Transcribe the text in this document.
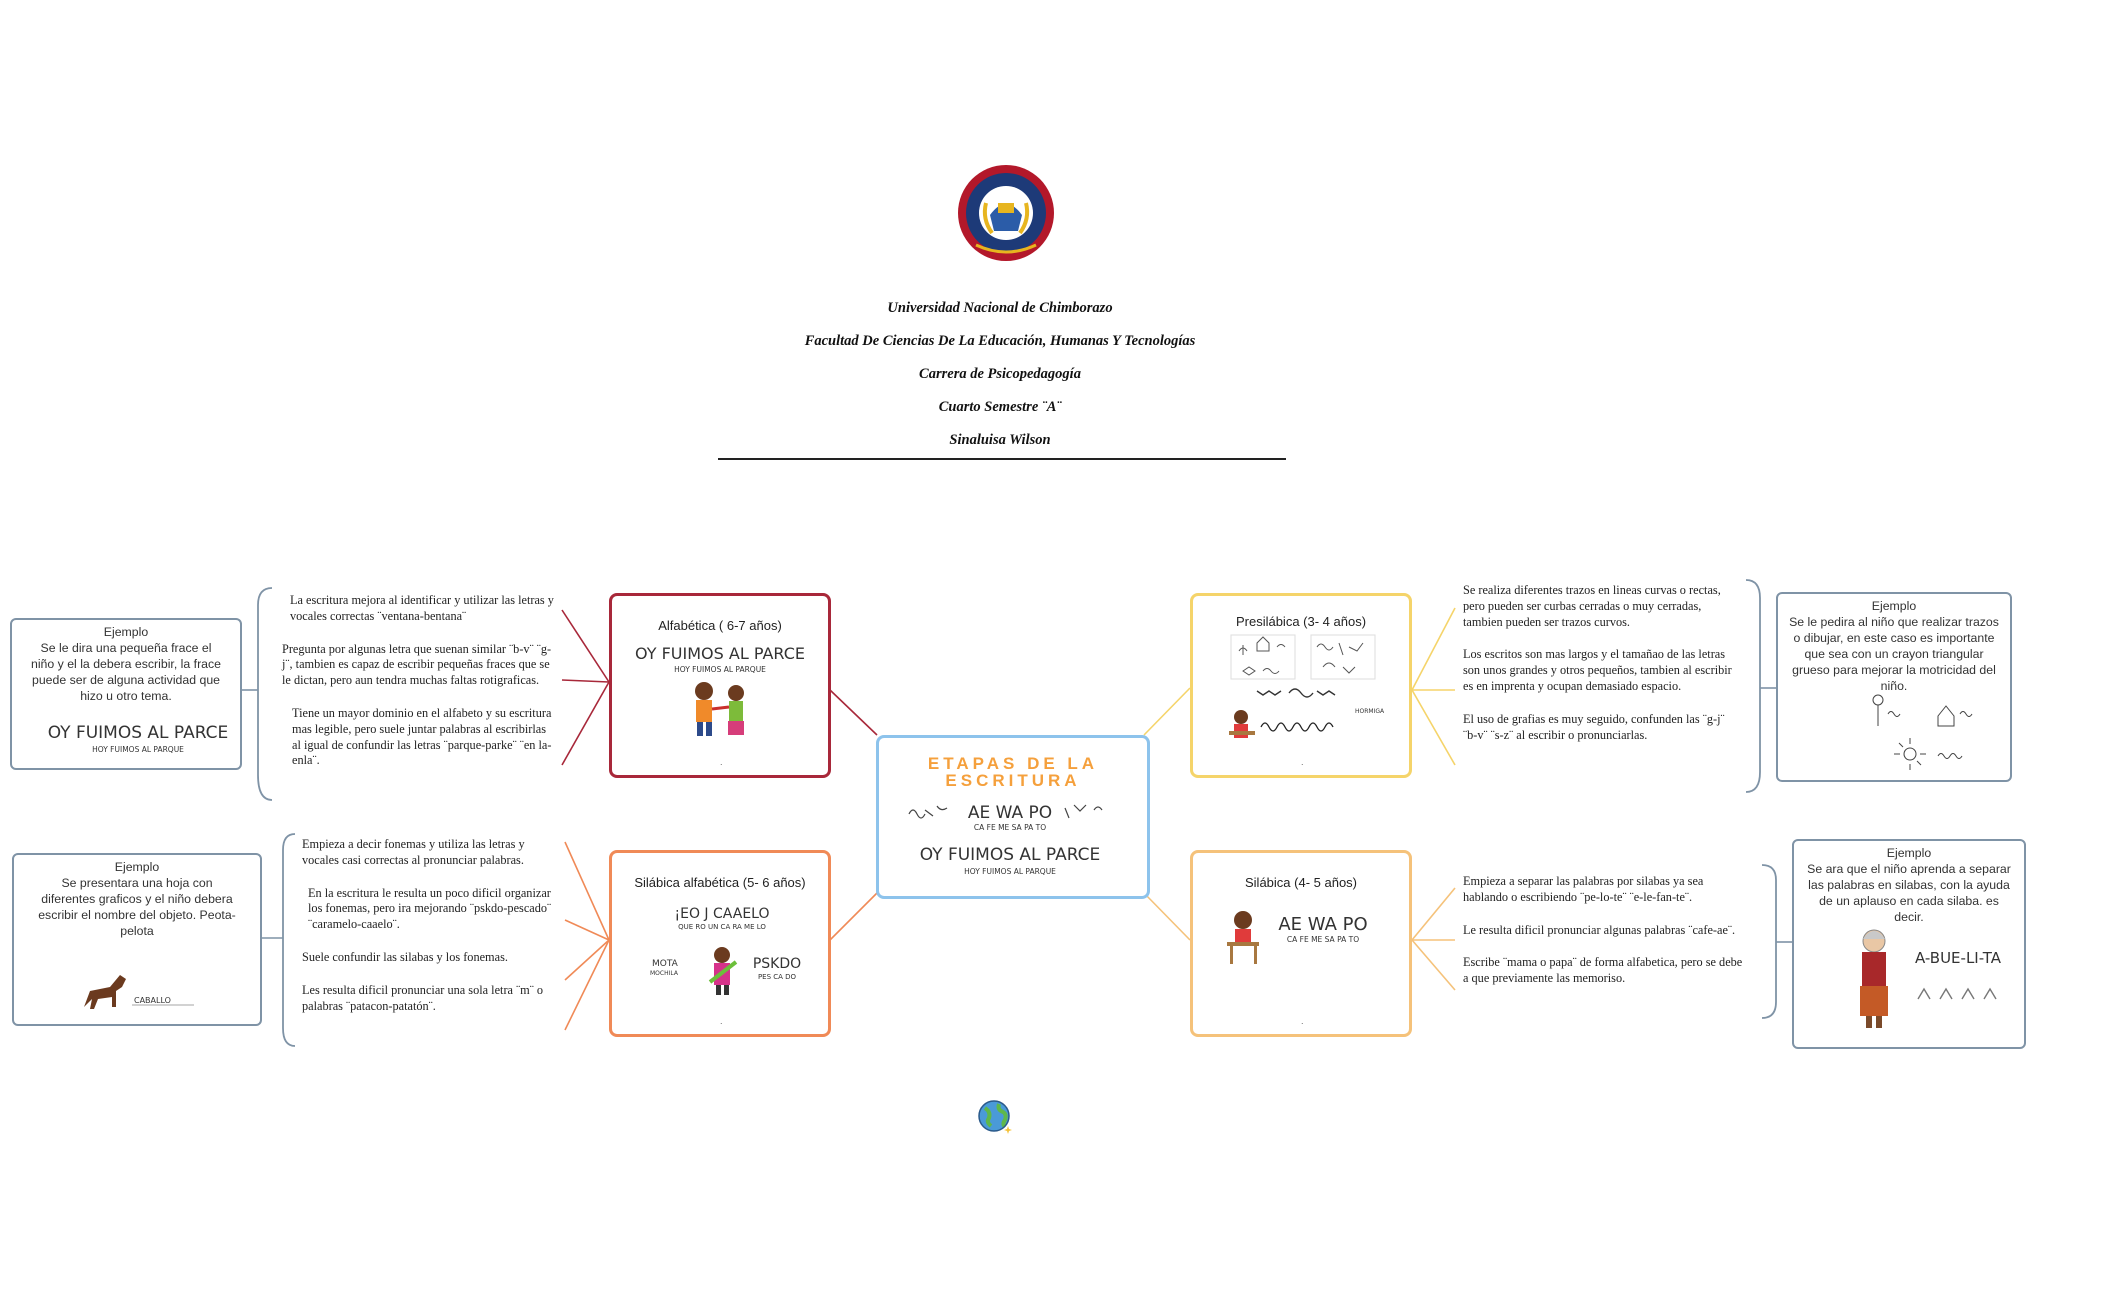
Universidad Nacional de Chimborazo
Facultad De Ciencias De La Educación, Humanas Y Tecnologías
Carrera de Psicopedagogía
Cuarto Semestre ¨A¨
Sinaluisa Wilson
ETAPAS DE LA ESCRITURA
AE WA PO
CA FE ME SA PA TO
OY FUIMOS AL PARCE
HOY FUIMOS AL PARQUE
Alfabética ( 6-7 años)
OY FUIMOS AL PARCE
HOY FUIMOS AL PARQUE
.
Silábica alfabética (5- 6 años)
¡EO J CAAELO
QUE RO UN CA RA ME LO
MOTA
MOCHILA
PSKDO
PES CA DO
.
Presilábica (3- 4 años)
HORMIGA
.
Silábica (4- 5 años)
AE WA PO
CA FE ME SA PA TO
.

La escritura mejora al identificar y utilizar las letras y vocales correctas ¨ventana-bentana¨

Pregunta por algunas letra que suenan similar ¨b-v¨ ¨g-j¨, tambien es capaz de escribir pequeñas fraces que se le dictan, pero aun tendra muchas faltas rotigraficas.

Tiene un mayor dominio en el alfabeto y su escritura mas legible, pero suele juntar palabras al escribirlas al igual de confundir las letras ¨parque-parke¨ ¨en la-enla¨.

Empieza a decir fonemas y utiliza las letras y vocales casi correctas al pronunciar palabras.

En la escritura le resulta un poco dificil organizar los fonemas, pero ira mejorando ¨pskdo-pescado¨ ¨caramelo-caaelo¨.

Suele confundir las silabas y los fonemas.

Les resulta dificil pronunciar una sola letra ¨m¨ o palabras ¨patacon-patatón¨.

Se realiza diferentes trazos en lineas curvas o rectas, pero pueden ser curbas cerradas o muy cerradas, tambien pueden ser trazos curvos.

Los escritos son mas largos y el tamañao de las letras son unos grandes y otros pequeños, tambien al escribir es en imprenta y ocupan demasiado espacio.

El uso de grafias es muy seguido, confunden las ¨g-j¨ ¨b-v¨ ¨s-z¨ al escribir o pronunciarlas.

Empieza a separar las palabras por silabas ya sea hablando o escribiendo ¨pe-lo-te¨ ¨e-le-fan-te¨.

Le resulta dificil pronunciar algunas palabras ¨cafe-ae¨.

Escribe ¨mama o papa¨ de forma alfabetica, pero se debe a que previamente las memoriso.

Ejemplo
Se le dira una pequeña frace el niño y el la debera escribir, la frace puede ser de alguna actividad que hizo u otro tema.
OY FUIMOS AL PARCE
HOY FUIMOS AL PARQUE
Ejemplo
Se presentara una hoja con diferentes graficos y el niño debera escribir el nombre del objeto. Peota-pelota
CABALLO
Ejemplo
Se le pedira al niño que realizar trazos o dibujar, en este caso es importante que sea con un crayon triangular grueso para mejorar la motricidad del niño.
Ejemplo
Se ara que el niño aprenda a separar las palabras en silabas, con la ayuda de un aplauso en cada silaba. es decir.
A-BUE-LI-TA
